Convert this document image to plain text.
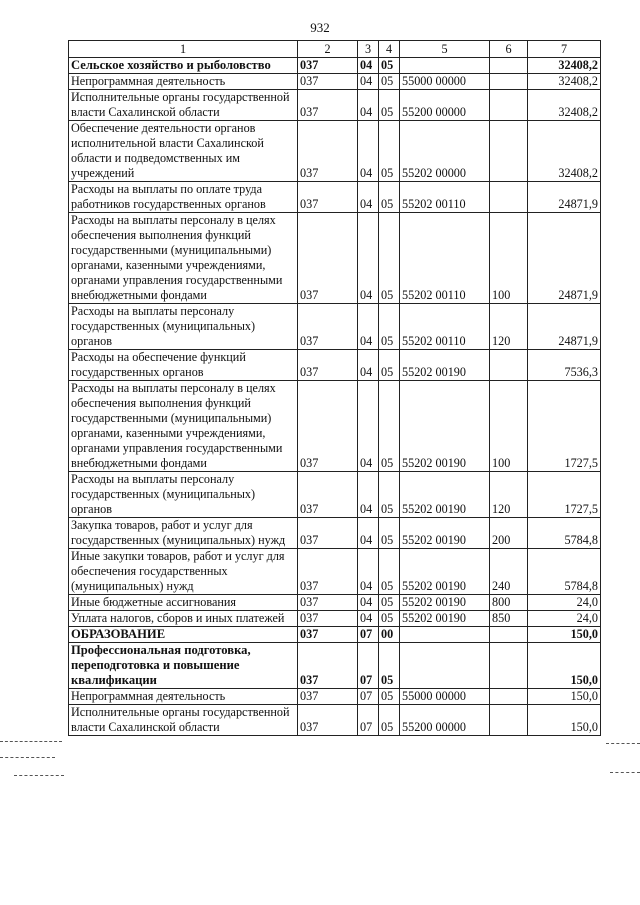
932
1	2	3	4	5	6	7
Сельское хозяйство и рыболовство	037	04	05			32408,2
Непрограммная деятельность	037	04	05	55000 00000		32408,2
Исполнительные органы государственной власти Сахалинской области	037	04	05	55200 00000		32408,2
Обеспечение деятельности органов исполнительной власти Сахалинской области и подведомственных им учреждений	037	04	05	55202 00000		32408,2
Расходы на выплаты по оплате труда работников государственных органов	037	04	05	55202 00110		24871,9
Расходы на выплаты персоналу в целях обеспечения выполнения функций государственными (муниципальными) органами, казенными учреждениями, органами управления государственными внебюджетными фондами	037	04	05	55202 00110	100	24871,9
Расходы на выплаты персоналу государственных (муниципальных) органов	037	04	05	55202 00110	120	24871,9
Расходы на обеспечение функций государственных органов	037	04	05	55202 00190		7536,3
Расходы на выплаты персоналу в целях обеспечения выполнения функций государственными (муниципальными) органами, казенными учреждениями, органами управления государственными внебюджетными фондами	037	04	05	55202 00190	100	1727,5
Расходы на выплаты персоналу государственных (муниципальных) органов	037	04	05	55202 00190	120	1727,5
Закупка товаров, работ и услуг для государственных (муниципальных) нужд	037	04	05	55202 00190	200	5784,8
Иные закупки товаров, работ и услуг для обеспечения государственных (муниципальных) нужд	037	04	05	55202 00190	240	5784,8
Иные бюджетные ассигнования	037	04	05	55202 00190	800	24,0
Уплата налогов, сборов и иных платежей	037	04	05	55202 00190	850	24,0
ОБРАЗОВАНИЕ	037	07	00			150,0
Профессиональная подготовка, переподготовка и повышение квалификации	037	07	05			150,0
Непрограммная деятельность	037	07	05	55000 00000		150,0
Исполнительные органы государственной власти Сахалинской области	037	07	05	55200 00000		150,0
